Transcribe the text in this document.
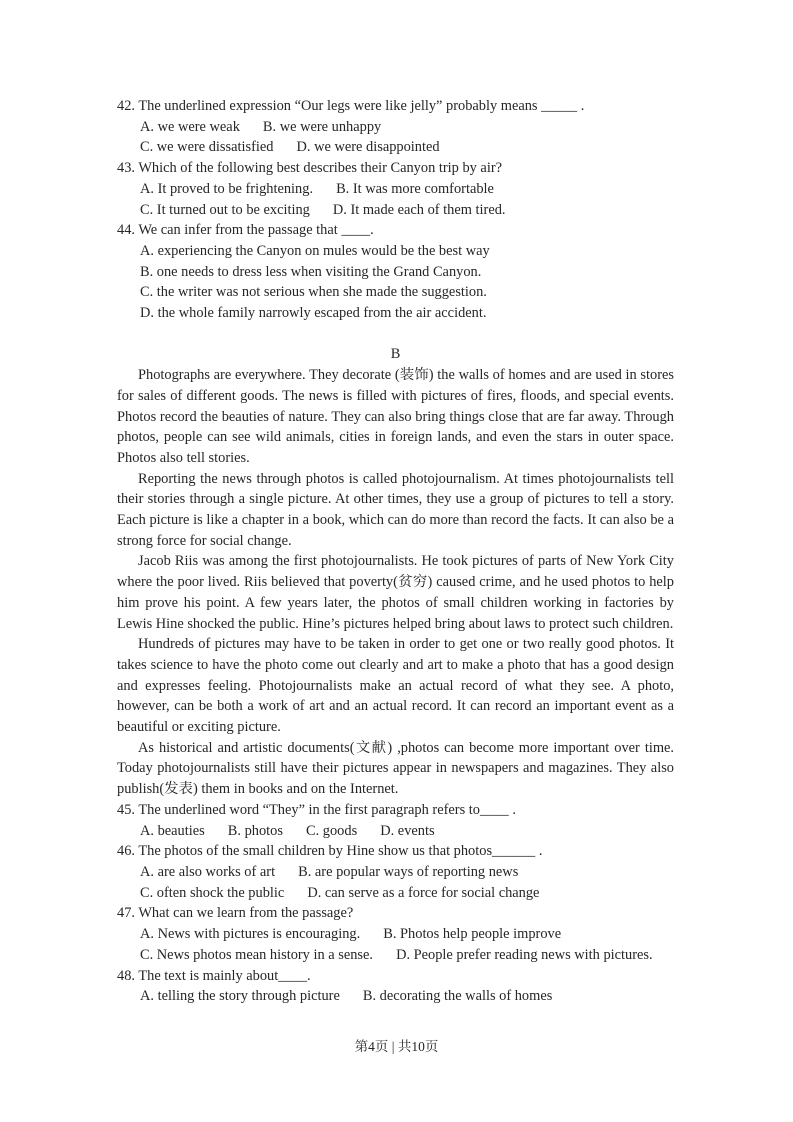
42. The underlined expression “Our legs were like jelly” probably means _____ .
A. we were weak B. we were unhappy
C. we were dissatisfied D. we were disappointed
43. Which of the following best describes their Canyon trip by air?
A. It proved to be frightening. B. It was more comfortable
C. It turned out to be exciting D. It made each of them tired.
44. We can infer from the passage that ____.
A. experiencing the Canyon on mules would be the best way
B. one needs to dress less when visiting the Grand Canyon.
C. the writer was not serious when she made the suggestion.
D. the whole family narrowly escaped from the air accident.
B

Photographs are everywhere. They decorate (装饰) the walls of homes and are used in stores for sales of different goods. The news is filled with pictures of fires, floods, and special events. Photos record the beauties of nature. They can also bring things close that are far away. Through photos, people can see wild animals, cities in foreign lands, and even the stars in outer space. Photos also tell stories.

Reporting the news through photos is called photojournalism. At times photojournalists tell their stories through a single picture. At other times, they use a group of pictures to tell a story. Each picture is like a chapter in a book, which can do more than record the facts. It can also be a strong force for social change.

Jacob Riis was among the first photojournalists. He took pictures of parts of New York City where the poor lived. Riis believed that poverty(贫穷) caused crime, and he used photos to help him prove his point. A few years later, the photos of small children working in factories by Lewis Hine shocked the public. Hine’s pictures helped bring about laws to protect such children.

Hundreds of pictures may have to be taken in order to get one or two really good photos. It takes science to have the photo come out clearly and art to make a photo that has a good design and expresses feeling. Photojournalists make an actual record of what they see. A photo, however, can be both a work of art and an actual record. It can record an important event as a beautiful or exciting picture.

As historical and artistic documents(文献) ,photos can become more important over time. Today photojournalists still have their pictures appear in newspapers and magazines. They also publish(发表) them in books and on the Internet.

45. The underlined word “They” in the first paragraph refers to____ .
A. beauties B. photos C. goods D. events
46. The photos of the small children by Hine show us that photos______ .
A. are also works of art B. are popular ways of reporting news
C. often shock the public D. can serve as a force for social change
47. What can we learn from the passage?
A. News with pictures is encouraging. B. Photos help people improve
C. News photos mean history in a sense. D. People prefer reading news with pictures.
48. The text is mainly about____.
A. telling the story through picture B. decorating the walls of homes
第4页 | 共10页
